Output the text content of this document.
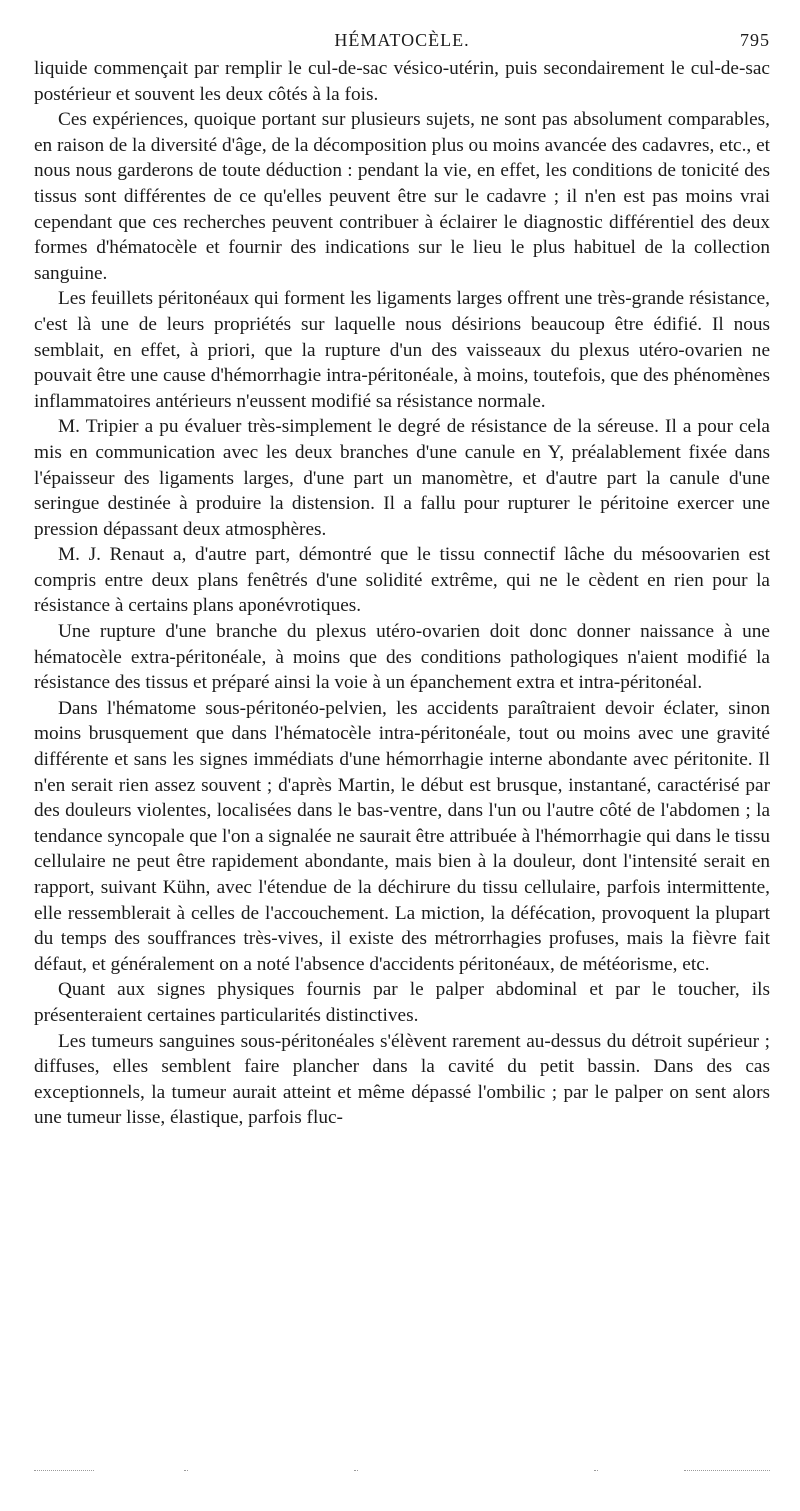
HÉMATOCÈLE.	795

liquide commençait par remplir le cul-de-sac vésico-utérin, puis secondairement le cul-de-sac postérieur et souvent les deux côtés à la fois.

Ces expériences, quoique portant sur plusieurs sujets, ne sont pas absolument comparables, en raison de la diversité d'âge, de la décomposition plus ou moins avancée des cadavres, etc., et nous nous garderons de toute déduction : pendant la vie, en effet, les conditions de tonicité des tissus sont différentes de ce qu'elles peuvent être sur le cadavre ; il n'en est pas moins vrai cependant que ces recherches peuvent contribuer à éclairer le diagnostic différentiel des deux formes d'hématocèle et fournir des indications sur le lieu le plus habituel de la collection sanguine.

Les feuillets péritonéaux qui forment les ligaments larges offrent une très-grande résistance, c'est là une de leurs propriétés sur laquelle nous désirions beaucoup être édifié. Il nous semblait, en effet, à priori, que la rupture d'un des vaisseaux du plexus utéro-ovarien ne pouvait être une cause d'hémorrhagie intra-péritonéale, à moins, toutefois, que des phénomènes inflammatoires antérieurs n'eussent modifié sa résistance normale.

M. Tripier a pu évaluer très-simplement le degré de résistance de la séreuse. Il a pour cela mis en communication avec les deux branches d'une canule en Y, préalablement fixée dans l'épaisseur des ligaments larges, d'une part un manomètre, et d'autre part la canule d'une seringue destinée à produire la distension. Il a fallu pour rupturer le péritoine exercer une pression dépassant deux atmosphères.

M. J. Renaut a, d'autre part, démontré que le tissu connectif lâche du mésoovarien est compris entre deux plans fenêtrés d'une solidité extrême, qui ne le cèdent en rien pour la résistance à certains plans aponévrotiques.

Une rupture d'une branche du plexus utéro-ovarien doit donc donner naissance à une hématocèle extra-péritonéale, à moins que des conditions pathologiques n'aient modifié la résistance des tissus et préparé ainsi la voie à un épanchement extra et intra-péritonéal.

Dans l'hématome sous-péritonéo-pelvien, les accidents paraîtraient devoir éclater, sinon moins brusquement que dans l'hématocèle intra-péritonéale, tout ou moins avec une gravité différente et sans les signes immédiats d'une hémorrhagie interne abondante avec péritonite. Il n'en serait rien assez souvent ; d'après Martin, le début est brusque, instantané, caractérisé par des douleurs violentes, localisées dans le bas-ventre, dans l'un ou l'autre côté de l'abdomen ; la tendance syncopale que l'on a signalée ne saurait être attribuée à l'hémorrhagie qui dans le tissu cellulaire ne peut être rapidement abondante, mais bien à la douleur, dont l'intensité serait en rapport, suivant Kühn, avec l'étendue de la déchirure du tissu cellulaire, parfois intermittente, elle ressemblerait à celles de l'accouchement. La miction, la défécation, provoquent la plupart du temps des souffrances très-vives, il existe des métrorrhagies profuses, mais la fièvre fait défaut, et généralement on a noté l'absence d'accidents péritonéaux, de météorisme, etc.

Quant aux signes physiques fournis par le palper abdominal et par le toucher, ils présenteraient certaines particularités distinctives.

Les tumeurs sanguines sous-péritonéales s'élèvent rarement au-dessus du détroit supérieur ; diffuses, elles semblent faire plancher dans la cavité du petit bassin. Dans des cas exceptionnels, la tumeur aurait atteint et même dépassé l'ombilic ; par le palper on sent alors une tumeur lisse, élastique, parfois fluc-
